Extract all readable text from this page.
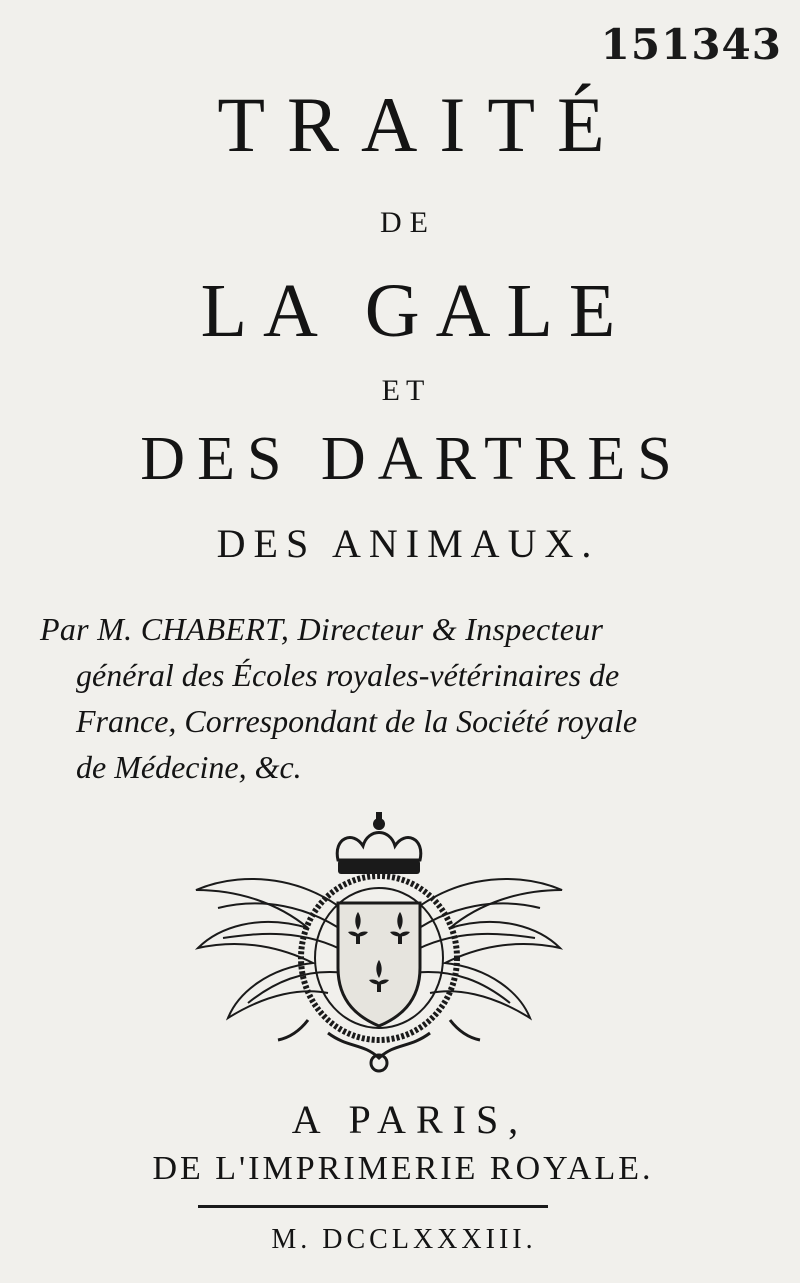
151343
TRAITÉ
DE
LA GALE
ET
DES DARTRES
DES ANIMAUX.
Par M. CHABERT, Directeur & Inspecteur
général des Écoles royales-vétérinaires de
France, Correspondant de la Société royale
de Médecine, &c.
A PARIS,
DE L'IMPRIMERIE ROYALE.
M. DCCLXXXIII.
